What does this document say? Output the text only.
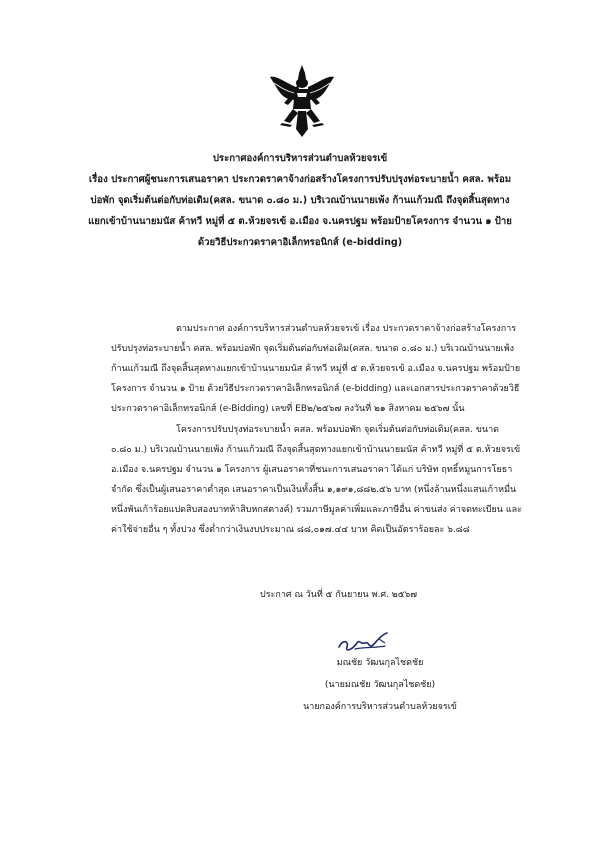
ประกาศองค์การบริหารส่วนตำบลห้วยจรเข้
เรื่อง ประกาศผู้ชนะการเสนอราคา ประกวดราคาจ้างก่อสร้างโครงการปรับปรุงท่อระบายน้ำ คสล. พร้อม
บ่อพัก จุดเริ่มต้นต่อกับท่อเดิม(คสล. ขนาด ๐.๘๐ ม.) บริเวณบ้านนายเพ้ง ก้านแก้วมณี ถึงจุดสิ้นสุดทาง
แยกเข้าบ้านนายมนัส ค้าทวี หมู่ที่ ๕ ต.ห้วยจรเข้ อ.เมือง จ.นครปฐม พร้อมป้ายโครงการ จำนวน ๑ ป้าย
ด้วยวิธีประกวดราคาอิเล็กทรอนิกส์ (e-bidding)
ตามประกาศ องค์การบริหารส่วนตำบลห้วยจรเข้ เรื่อง ประกวดราคาจ้างก่อสร้างโครงการ
ปรับปรุงท่อระบายน้ำ คสล. พร้อมบ่อพัก จุดเริ่มต้นต่อกับท่อเดิม(คสล. ขนาด ๐.๘๐ ม.) บริเวณบ้านนายเพ้ง
ก้านแก้วมณี ถึงจุดสิ้นสุดทางแยกเข้าบ้านนายมนัส ค้าทวี หมู่ที่ ๕ ต.ห้วยจรเข้ อ.เมือง จ.นครปฐม พร้อมป้าย
โครงการ จำนวน ๑ ป้าย ด้วยวิธีประกวดราคาอิเล็กทรอนิกส์ (e-bidding) และเอกสารประกวดราคาด้วยวิธี
ประกวดราคาอิเล็กทรอนิกส์ (e-Bidding) เลขที่ EB๒/๒๕๖๗ ลงวันที่ ๒๑ สิงหาคม ๒๕๖๗ นั้น
โครงการปรับปรุงท่อระบายน้ำ คสล. พร้อมบ่อพัก จุดเริ่มต้นต่อกับท่อเดิม(คสล. ขนาด
๐.๘๐ ม.) บริเวณบ้านนายเพ้ง ก้านแก้วมณี ถึงจุดสิ้นสุดทางแยกเข้าบ้านนายมนัส ค้าทวี หมู่ที่ ๕ ต.ห้วยจรเข้
อ.เมือง จ.นครปฐม จำนวน ๑ โครงการ ผู้เสนอราคาที่ชนะการเสนอราคา ได้แก่ บริษัท ฤทธิ์หมูนการโยธา
จำกัด ซึ่งเป็นผู้เสนอราคาต่ำสุด เสนอราคาเป็นเงินทั้งสิ้น ๑,๑๙๑,๘๘๒.๕๖ บาท (หนึ่งล้านหนึ่งแสนเก้าหมื่น
หนึ่งพันเก้าร้อยแปดสิบสองบาทห้าสิบหกสตางค์) รวมภาษีมูลค่าเพิ่มและภาษีอื่น ค่าขนส่ง ค่าจดทะเบียน และ
ค่าใช้จ่ายอื่น ๆ ทั้งปวง ซึ่งต่ำกว่าเงินงบประมาณ ๘๘,๐๑๗.๔๔ บาท คิดเป็นอัตราร้อยละ ๖.๘๘
ประกาศ ณ วันที่ ๕ กันยายน พ.ศ. ๒๕๖๗
มณชัย วัฒนกุลไชดชัย
(นายมณชัย วัฒนกุลไชดชัย)
นายกองค์การบริหารส่วนตำบลห้วยจรเข้
